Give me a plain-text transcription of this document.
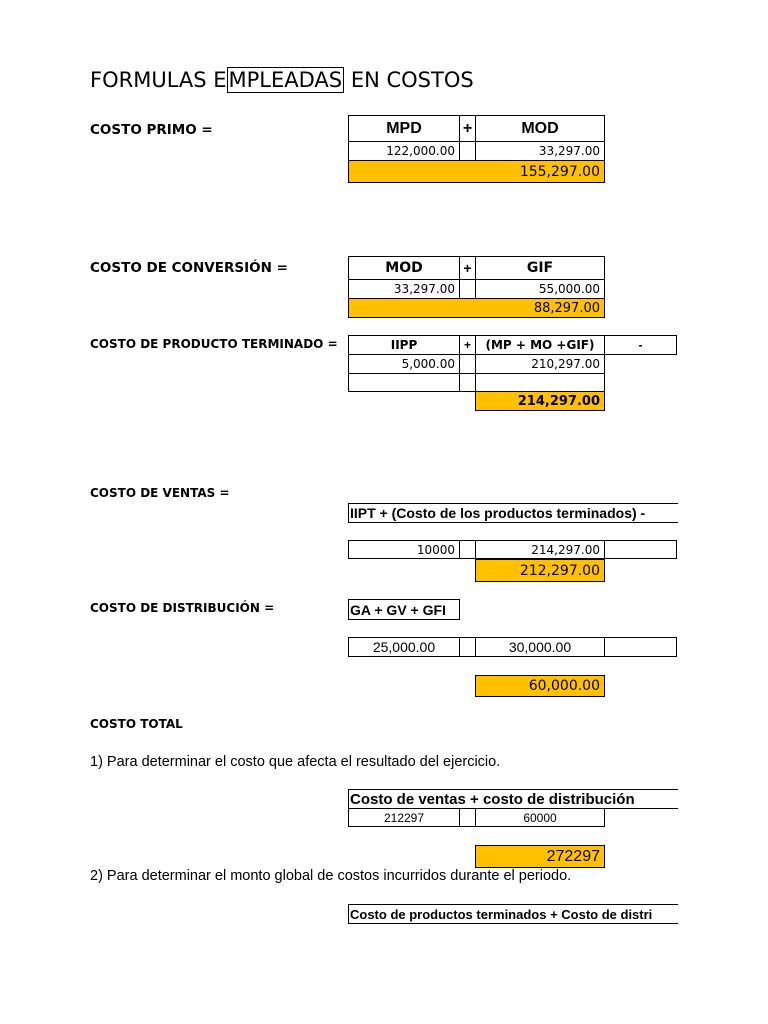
FORMULAS EMPLEADAS EN COSTOS
COSTO PRIMO =	MPD	+	MOD
122,000.00	33,297.00
155,297.00
COSTO DE CONVERSIÓN =	MOD	+	GIF
33,297.00	55,000.00
88,297.00
COSTO DE PRODUCTO TERMINADO =	IIPP	+	(MP + MO +GIF)	-
5,000.00	210,297.00
214,297.00
COSTO DE VENTAS =
IIPT + (Costo de los productos terminados) -
10000	214,297.00
212,297.00
COSTO DE DISTRIBUCIÓN =	GA + GV + GFI
25,000.00	30,000.00
60,000.00
COSTO TOTAL
1) Para determinar el costo que afecta el resultado del ejercicio.
Costo de ventas + costo de distribución
212297	60000
272297
2) Para determinar el monto global de costos incurridos durante el periodo.
Costo de productos terminados + Costo de distri
